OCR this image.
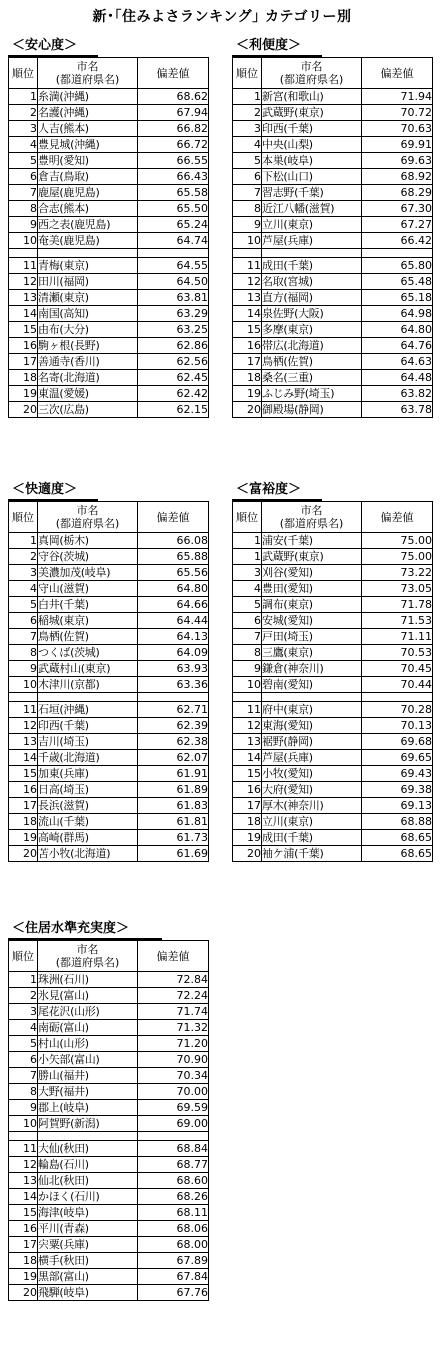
新･｢住みよさランキング｣ カテゴリー別
＜安心度＞
順位	市名
(都道府県名)	偏差値
1	糸満(沖縄)	68.62
2	名護(沖縄)	67.94
3	人吉(熊本)	66.82
4	豊見城(沖縄)	66.72
5	豊明(愛知)	66.55
6	倉吉(鳥取)	66.43
7	鹿屋(鹿児島)	65.58
8	合志(熊本)	65.50
9	西之表(鹿児島)	65.24
10	奄美(鹿児島)	64.74

11	青梅(東京)	64.55
12	田川(福岡)	64.50
13	清瀬(東京)	63.81
14	南国(高知)	63.29
15	由布(大分)	63.25
16	駒ヶ根(長野)	62.86
17	善通寺(香川)	62.56
18	名寄(北海道)	62.45
19	東温(愛媛)	62.42
20	三次(広島)	62.15
＜利便度＞
順位	市名
(都道府県名)	偏差値
1	新宮(和歌山)	71.94
2	武蔵野(東京)	70.72
3	印西(千葉)	70.63
4	中央(山梨)	69.91
5	本巣(岐阜)	69.63
6	下松(山口)	68.92
7	習志野(千葉)	68.29
8	近江八幡(滋賀)	67.30
9	立川(東京)	67.27
10	芦屋(兵庫)	66.42

11	成田(千葉)	65.80
12	名取(宮城)	65.48
13	直方(福岡)	65.18
14	泉佐野(大阪)	64.98
15	多摩(東京)	64.80
16	帯広(北海道)	64.76
17	鳥栖(佐賀)	64.63
18	桑名(三重)	64.48
19	ふじみ野(埼玉)	63.82
20	御殿場(静岡)	63.78
＜快適度＞
順位	市名
(都道府県名)	偏差値
1	真岡(栃木)	66.08
2	守谷(茨城)	65.88
3	美濃加茂(岐阜)	65.56
4	守山(滋賀)	64.80
5	白井(千葉)	64.66
6	稲城(東京)	64.44
7	鳥栖(佐賀)	64.13
8	つくば(茨城)	64.09
9	武蔵村山(東京)	63.93
10	木津川(京都)	63.36

11	石垣(沖縄)	62.71
12	印西(千葉)	62.39
13	吉川(埼玉)	62.38
14	千歳(北海道)	62.07
15	加東(兵庫)	61.91
16	日高(埼玉)	61.89
17	長浜(滋賀)	61.83
18	流山(千葉)	61.81
19	高崎(群馬)	61.73
20	苫小牧(北海道)	61.69
＜富裕度＞
順位	市名
(都道府県名)	偏差値
1	浦安(千葉)	75.00
1	武蔵野(東京)	75.00
3	刈谷(愛知)	73.22
4	豊田(愛知)	73.05
5	調布(東京)	71.78
6	安城(愛知)	71.53
7	戸田(埼玉)	71.11
8	三鷹(東京)	70.53
9	鎌倉(神奈川)	70.45
10	碧南(愛知)	70.44

11	府中(東京)	70.28
12	東海(愛知)	70.13
13	裾野(静岡)	69.68
14	芦屋(兵庫)	69.65
15	小牧(愛知)	69.43
16	大府(愛知)	69.38
17	厚木(神奈川)	69.13
18	立川(東京)	68.88
19	成田(千葉)	68.65
20	袖ケ浦(千葉)	68.65
＜住居水準充実度＞
順位	市名
(都道府県名)	偏差値
1	珠洲(石川)	72.84
2	氷見(富山)	72.24
3	尾花沢(山形)	71.74
4	南砺(富山)	71.32
5	村山(山形)	71.20
6	小矢部(富山)	70.90
7	勝山(福井)	70.34
8	大野(福井)	70.00
9	郡上(岐阜)	69.59
10	阿賀野(新潟)	69.00

11	大仙(秋田)	68.84
12	輪島(石川)	68.77
13	仙北(秋田)	68.60
14	かほく(石川)	68.26
15	海津(岐阜)	68.11
16	平川(青森)	68.06
17	宍粟(兵庫)	68.00
18	横手(秋田)	67.89
19	黒部(富山)	67.84
20	飛騨(岐阜)	67.76
